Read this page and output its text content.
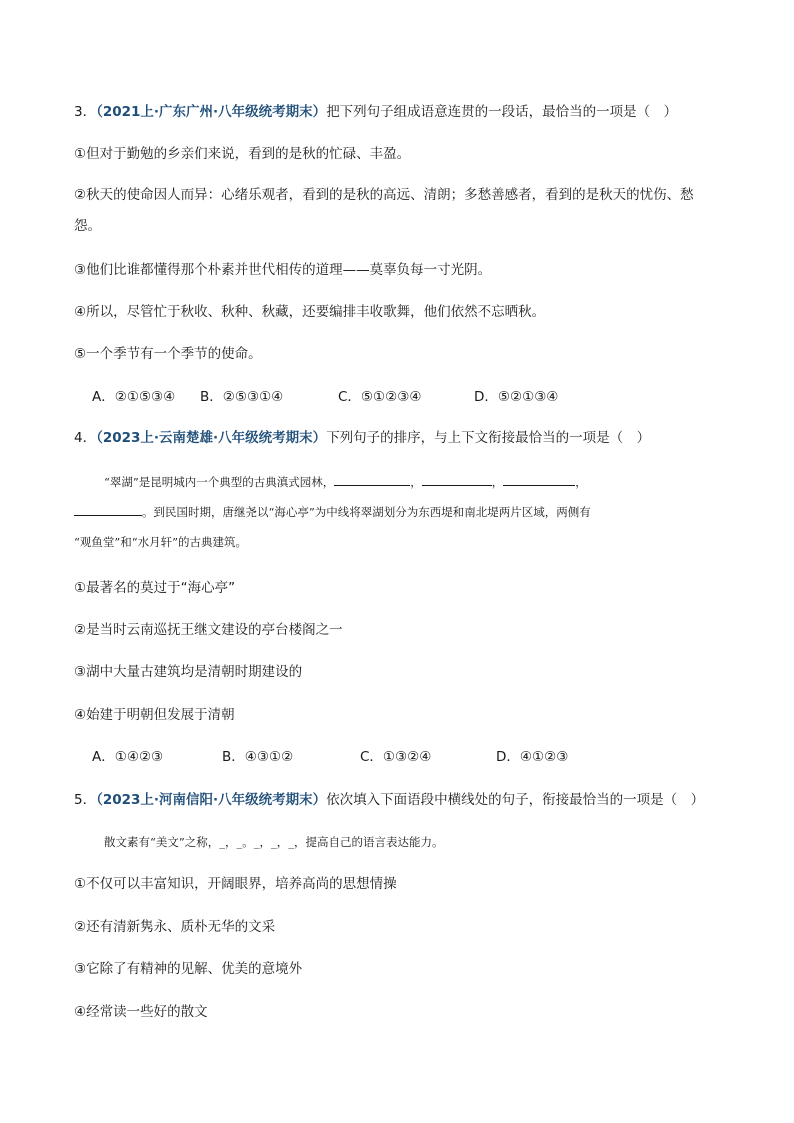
3．（2021上·广东广州·八年级统考期末）把下列句子组成语意连贯的一段话，最恰当的一项是（　）
①但对于勤勉的乡亲们来说，看到的是秋的忙碌、丰盈。
②秋天的使命因人而异：心绪乐观者，看到的是秋的高远、清朗；多愁善感者，看到的是秋天的忧伤、愁
怨。
③他们比谁都懂得那个朴素并世代相传的道理——莫辜负每一寸光阴。
④所以，尽管忙于秋收、秋种、秋藏，还要编排丰收歌舞，他们依然不忘晒秋。
⑤一个季节有一个季节的使命。
A．②①⑤③④ B．②⑤③①④	C．⑤①②③④	D．⑤②①③④
4．（2023上·云南楚雄·八年级统考期末）下列句子的排序，与上下文衔接最恰当的一项是（　）
“翠湖”是昆明城内一个典型的古典滇式园林，	，	，	，
。到民国时期，唐继尧以“海心亭”为中线将翠湖划分为东西堤和南北堤两片区域，两侧有
“观鱼堂”和“水月轩”的古典建筑。
①最著名的莫过于“海心亭”
②是当时云南巡抚王继文建设的亭台楼阁之一
③湖中大量古建筑均是清朝时期建设的
④始建于明朝但发展于清朝
A．①④②③	B．④③①②	C．①③②④	D．④①②③
5．（2023上·河南信阳·八年级统考期末）依次填入下面语段中横线处的句子，衔接最恰当的一项是（　）
散文素有“美文”之称，_，_。_，_，_，提高自己的语言表达能力。
①不仅可以丰富知识，开阔眼界，培养高尚的思想情操
②还有清新隽永、质朴无华的文采
③它除了有精神的见解、优美的意境外
④经常读一些好的散文
